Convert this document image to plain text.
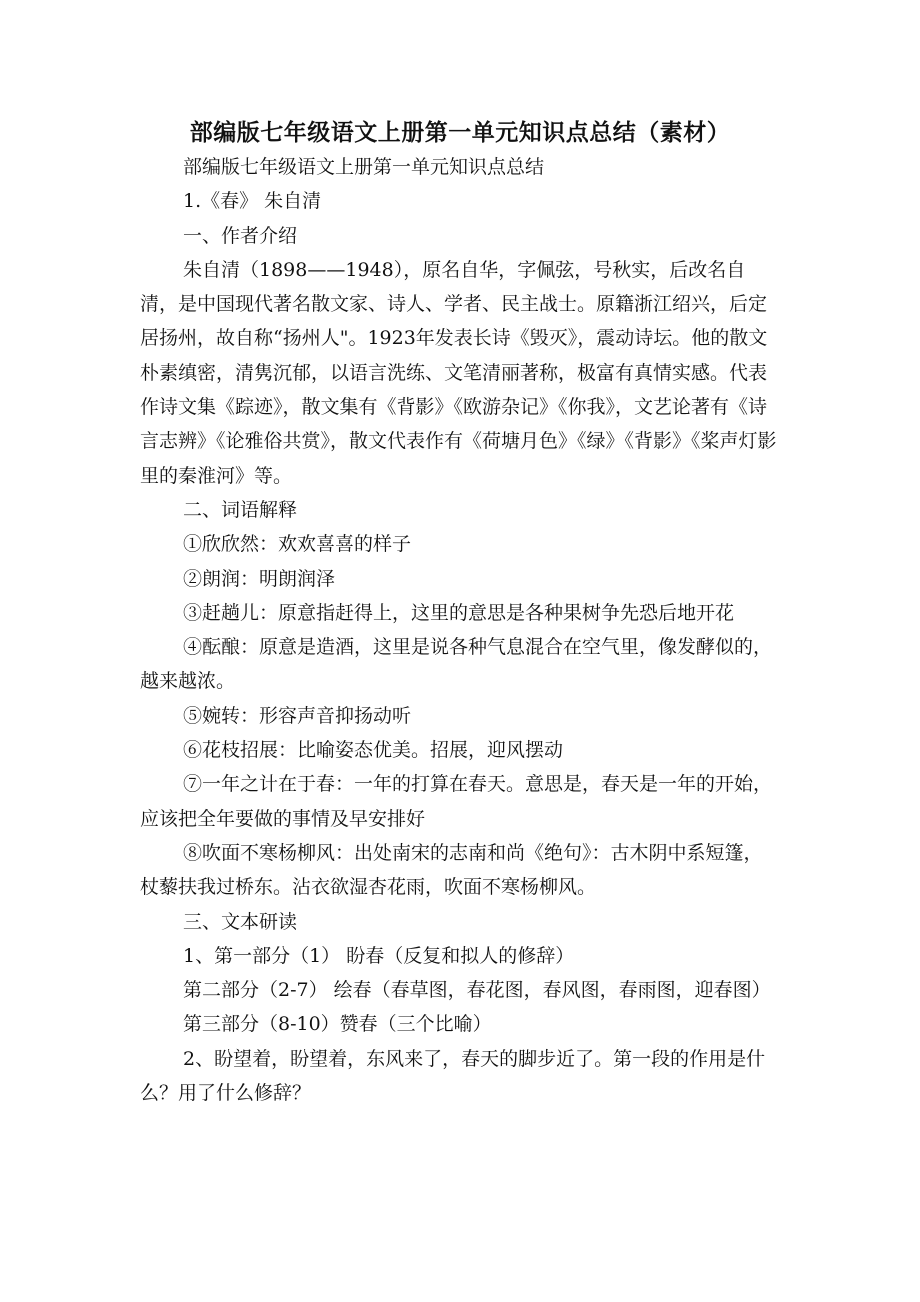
部编版七年级语文上册第一单元知识点总结（素材）

部编版七年级语文上册第一单元知识点总结

1.《春》 朱自清

一、作者介绍

朱自清（1898——1948），原名自华，字佩弦，号秋实，后改名自清，是中国现代著名散文家、诗人、学者、民主战士。原籍浙江绍兴，后定居扬州，故自称“扬州人"。1923年发表长诗《毁灭》，震动诗坛。他的散文朴素缜密，清隽沉郁，以语言洗练、文笔清丽著称，极富有真情实感。代表作诗文集《踪迹》，散文集有《背影》《欧游杂记》《你我》，文艺论著有《诗言志辨》《论雅俗共赏》，散文代表作有《荷塘月色》《绿》《背影》《桨声灯影里的秦淮河》等。

二、词语解释

①欣欣然：欢欢喜喜的样子

②朗润：明朗润泽

③赶趟儿：原意指赶得上，这里的意思是各种果树争先恐后地开花

④酝酿：原意是造酒，这里是说各种气息混合在空气里，像发酵似的，越来越浓。

⑤婉转：形容声音抑扬动听

⑥花枝招展：比喻姿态优美。招展，迎风摆动

⑦一年之计在于春：一年的打算在春天。意思是，春天是一年的开始，应该把全年要做的事情及早安排好

⑧吹面不寒杨柳风：出处南宋的志南和尚《绝句》：古木阴中系短篷，杖藜扶我过桥东。沾衣欲湿杏花雨，吹面不寒杨柳风。

三、文本研读

1、第一部分（1） 盼春（反复和拟人的修辞）

第二部分（2-7） 绘春（春草图，春花图，春风图，春雨图，迎春图）

第三部分（8-10）赞春（三个比喻）

2、盼望着，盼望着，东风来了，春天的脚步近了。第一段的作用是什么？用了什么修辞？
